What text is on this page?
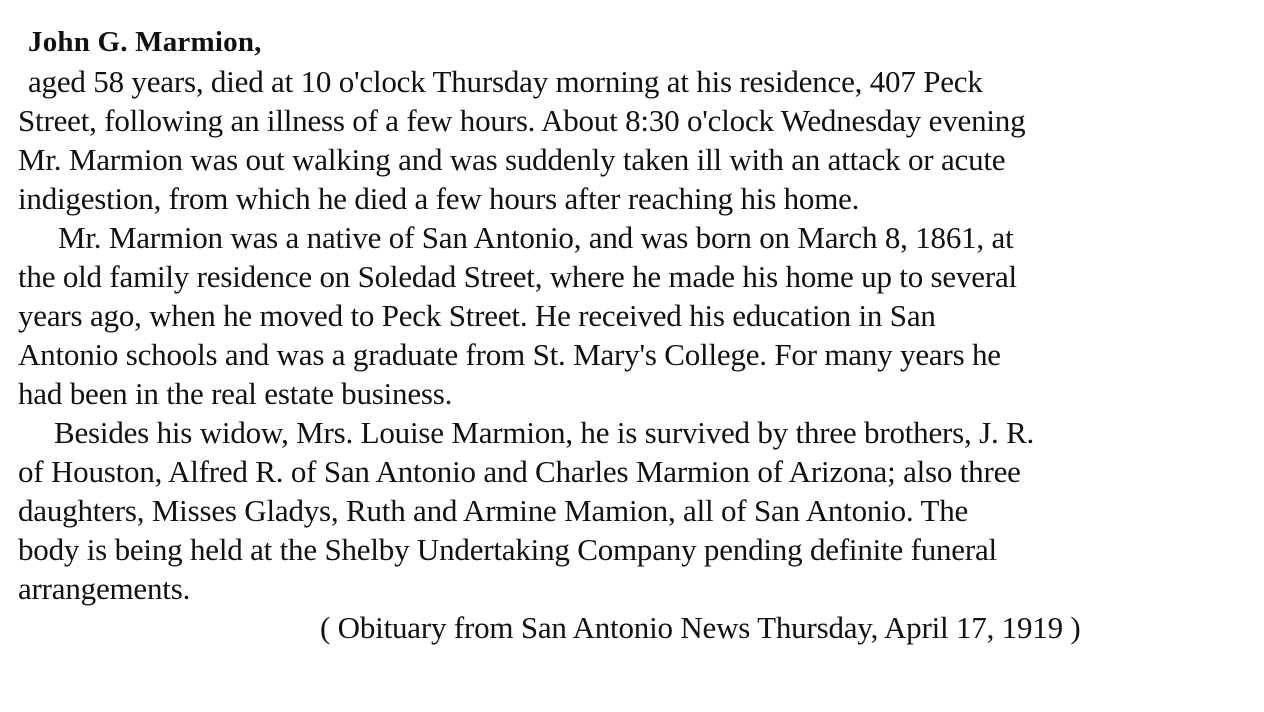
John G. Marmion,
aged 58 years, died at 10 o'clock Thursday morning at his residence, 407 Peck
Street, following an illness of a few hours. About 8:30 o'clock Wednesday evening
Mr. Marmion was out walking and was suddenly taken ill with an attack or acute
indigestion, from which he died a few hours after reaching his home.
Mr. Marmion was a native of San Antonio, and was born on March 8, 1861, at
the old family residence on Soledad Street, where he made his home up to several
years ago, when he moved to Peck Street. He received his education in San
Antonio schools and was a graduate from St. Mary's College. For many years he
had been in the real estate business.
Besides his widow, Mrs. Louise Marmion, he is survived by three brothers, J. R.
of Houston, Alfred R. of San Antonio and Charles Marmion of Arizona; also three
daughters, Misses Gladys, Ruth and Armine Mamion, all of San Antonio. The
body is being held at the Shelby Undertaking Company pending definite funeral
arrangements.
( Obituary from San Antonio News Thursday, April 17, 1919 )
